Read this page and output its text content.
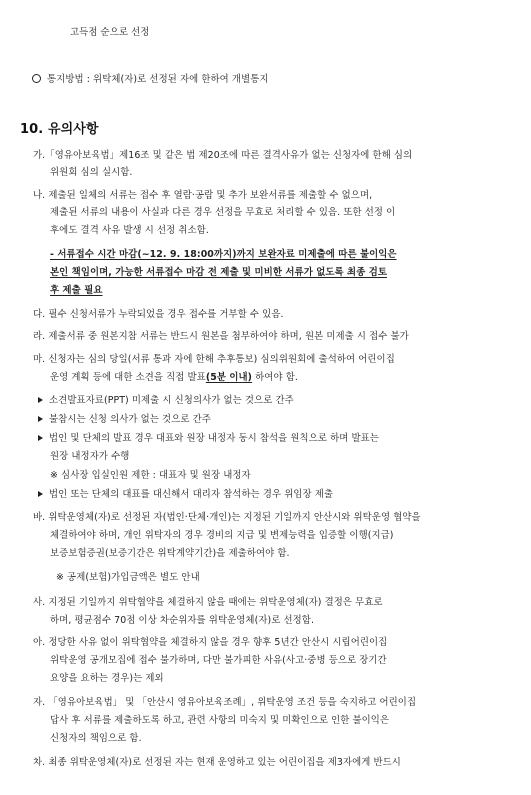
고득점 순으로 선정
통지방법 : 위탁체(자)로 선정된 자에 한하여 개별통지
10. 유의사항
가.「영유아보육법」제16조 및 같은 법 제20조에 따른 결격사유가 없는 신청자에 한해 심의
위원회 심의 실시함.
나. 제출된 일체의 서류는 접수 후 열람·공람 및 추가 보완서류를 제출할 수 없으며,
제출된 서류의 내용이 사실과 다른 경우 선정을 무효로 처리할 수 있음. 또한 선정 이
후에도 결격 사유 발생 시 선정 취소함.
- 서류접수 시간 마감(~12. 9. 18:00까지)까지 보완자료 미제출에 따른 불이익은
본인 책임이며, 가능한 서류접수 마감 전 제출 및 미비한 서류가 없도록 최종 검토
후 제출 필요
다. 필수 신청서류가 누락되었을 경우 접수를 거부할 수 있음.
라. 제출서류 중 원본지참 서류는 반드시 원본을 첨부하여야 하며, 원본 미제출 시 접수 불가
마. 신청자는 심의 당일(서류 통과 자에 한해 추후통보) 심의위원회에 출석하여 어린이집
운영 계획 등에 대한 소견을 직접 발표(5분 이내) 하여야 함.
소견발표자료(PPT) 미제출 시 신청의사가 없는 것으로 간주
불참시는 신청 의사가 없는 것으로 간주
법인 및 단체의 발표 경우 대표와 원장 내정자 동시 참석을 원칙으로 하며 발표는
원장 내정자가 수행
※ 심사장 입실인원 제한 : 대표자 및 원장 내정자
법인 또는 단체의 대표를 대신해서 대리자 참석하는 경우 위임장 제출
바. 위탁운영체(자)로 선정된 자(법인·단체·개인)는 지정된 기일까지 안산시와 위탁운영 협약을
체결하여야 하며, 개인 위탁자의 경우 경비의 지급 및 변제능력을 입증할 이행(지급)
보증보험증권(보증기간은 위탁계약기간)을 제출하여야 함.
※ 공제(보험)가입금액은 별도 안내
사. 지정된 기일까지 위탁협약을 체결하지 않을 때에는 위탁운영체(자) 결정은 무효로
하며, 평균점수 70점 이상 차순위자를 위탁운영체(자)로 선정함.
아. 정당한 사유 없이 위탁협약을 체결하지 않을 경우 향후 5년간 안산시 시립어린이집
위탁운영 공개모집에 접수 불가하며, 다만 불가피한 사유(사고·중병 등으로 장기간
요양을 요하는 경우)는 제외
자. 「영유아보육법」 및 「안산시 영유아보육조례」, 위탁운영 조건 등을 숙지하고 어린이집
답사 후 서류를 제출하도록 하고, 관련 사항의 미숙지 및 미확인으로 인한 불이익은
신청자의 책임으로 함.
차. 최종 위탁운영체(자)로 선정된 자는 현재 운영하고 있는 어린이집을 제3자에게 반드시
